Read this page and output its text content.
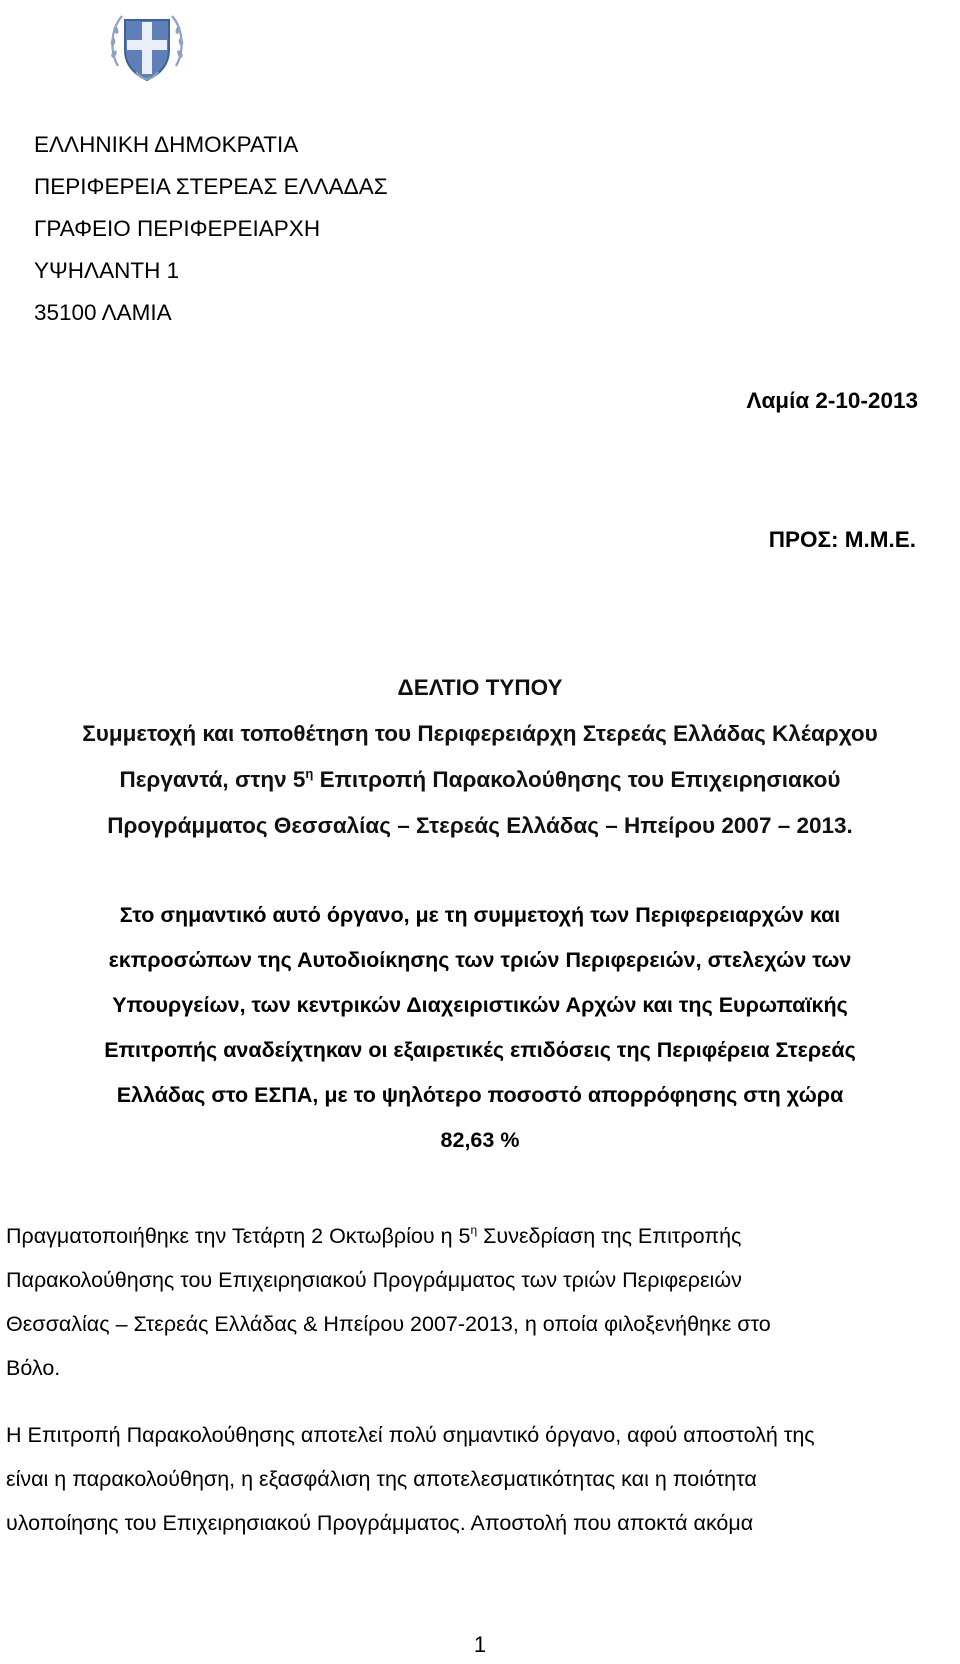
ΕΛΛΗΝΙΚΗ ΔΗΜΟΚΡΑΤΙΑ
ΠΕΡΙΦΕΡΕΙΑ ΣΤΕΡΕΑΣ ΕΛΛΑΔΑΣ
ΓΡΑΦΕΙΟ ΠΕΡΙΦΕΡΕΙΑΡΧΗ
ΥΨΗΛΑΝΤΗ 1
35100 ΛΑΜΙΑ
Λαμία 2-10-2013
ΠΡΟΣ: Μ.Μ.Ε.
ΔΕΛΤΙΟ ΤΥΠΟΥ
Συμμετοχή και τοποθέτηση του Περιφερειάρχη Στερεάς Ελλάδας Κλέαρχου
Περγαντά, στην $5^\eta$ Επιτροπή Παρακολούθησης του Επιχειρησιακού
Προγράμματος Θεσσαλίας – Στερεάς Ελλάδας – Ηπείρου 2007 – 2013.
Στο σημαντικό αυτό όργανο, με τη συμμετοχή των Περιφερειαρχών και
εκπροσώπων της Αυτοδιοίκησης των τριών Περιφερειών, στελεχών των
Υπουργείων, των κεντρικών Διαχειριστικών Αρχών και της Ευρωπαϊκής
Επιτροπής αναδείχτηκαν οι εξαιρετικές επιδόσεις της Περιφέρεια Στερεάς
Ελλάδας στο ΕΣΠΑ, με το ψηλότερο ποσοστό απορρόφησης στη χώρα
82,63 %
Πραγματοποιήθηκε την Τετάρτη 2 Οκτωβρίου η $5^\eta$ Συνεδρίαση της Επιτροπής
Παρακολούθησης του Επιχειρησιακού Προγράμματος των τριών Περιφερειών
Θεσσαλίας – Στερεάς Ελλάδας & Ηπείρου 2007-2013, η οποία φιλοξενήθηκε στο
Βόλο.
Η Επιτροπή Παρακολούθησης αποτελεί πολύ σημαντικό όργανο, αφού αποστολή της
είναι η παρακολούθηση, η εξασφάλιση της αποτελεσματικότητας και η ποιότητα
υλοποίησης του Επιχειρησιακού Προγράμματος. Αποστολή που αποκτά ακόμα
1
